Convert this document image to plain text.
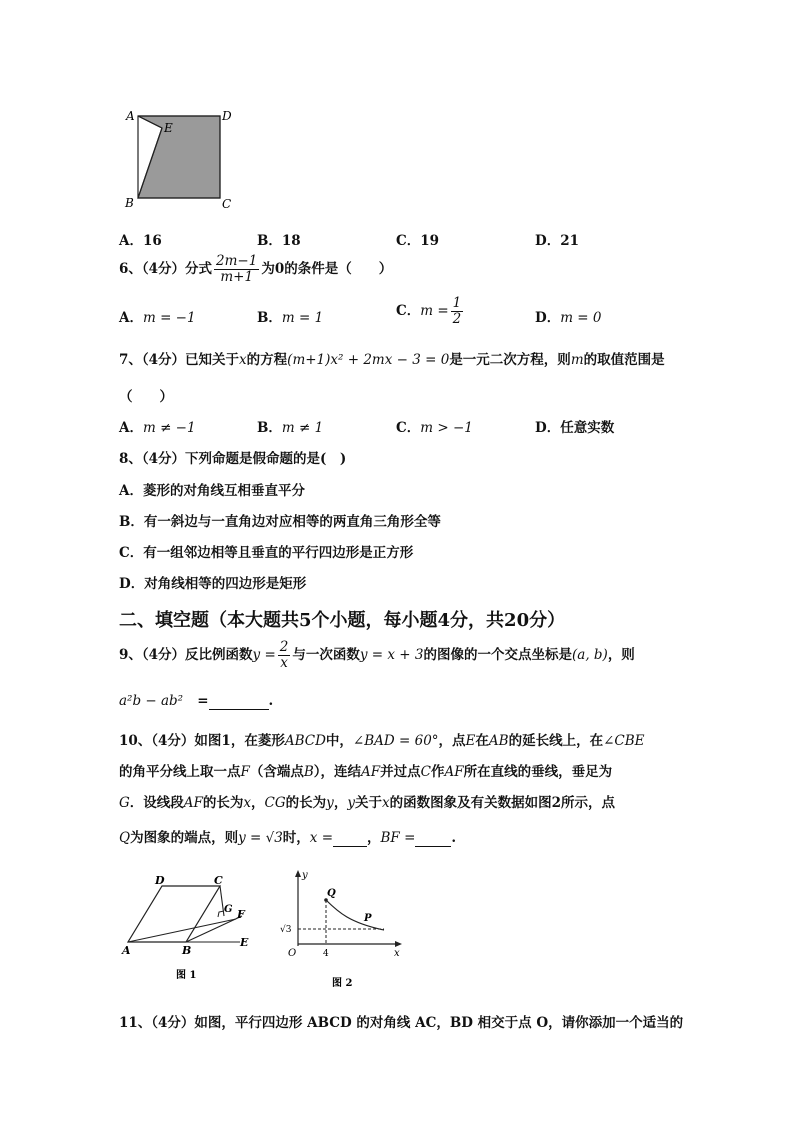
A	D
E
B	C
A．16	B．18	C．19	D．21
6、（4分）分式 $\frac{2m-1}{m+1}$ 为0的条件是（　　）
A．m = −1	B．m = 1	C．$m = \frac{1}{2}$	D．m = 0
7、（4分）已知关于x的方程(m+1)x² + 2mx − 3 = 0是一元二次方程，则m的取值范围是
（　　）
A．m ≠ −1	B．m ≠ 1	C．m > −1	D．任意实数
8、（4分）下列命题是假命题的是(　)
A．菱形的对角线互相垂直平分
B．有一斜边与一直角边对应相等的两直角三角形全等
C．有一组邻边相等且垂直的平行四边形是正方形
D．对角线相等的四边形是矩形
二、填空题（本大题共5个小题，每小题4分，共20分）
9、（4分）反比例函数$y = \frac{2}{x}$ 与一次函数y = x + 3的图像的一个交点坐标是(a, b)，则
a²b − ab² =	.
10、（4分）如图1，在菱形ABCD中，∠BAD = 60°，点E在AB的延长线上，在∠CBE
的角平分线上取一点F（含端点B），连结AF并过点C作AF所在直线的垂线，垂足为
G．设线段AF的长为x，CG的长为y，y关于x的函数图象及有关数据如图2所示，点
Q为图象的端点，则y = √3时，x =	，BF =	.
A	B
E
F
G
C
D
图 1
y
x
O
Q
P
√3
4
图 2
11、（4分）如图，平行四边形 ABCD 的对角线 AC，BD 相交于点 O，请你添加一个适当的
